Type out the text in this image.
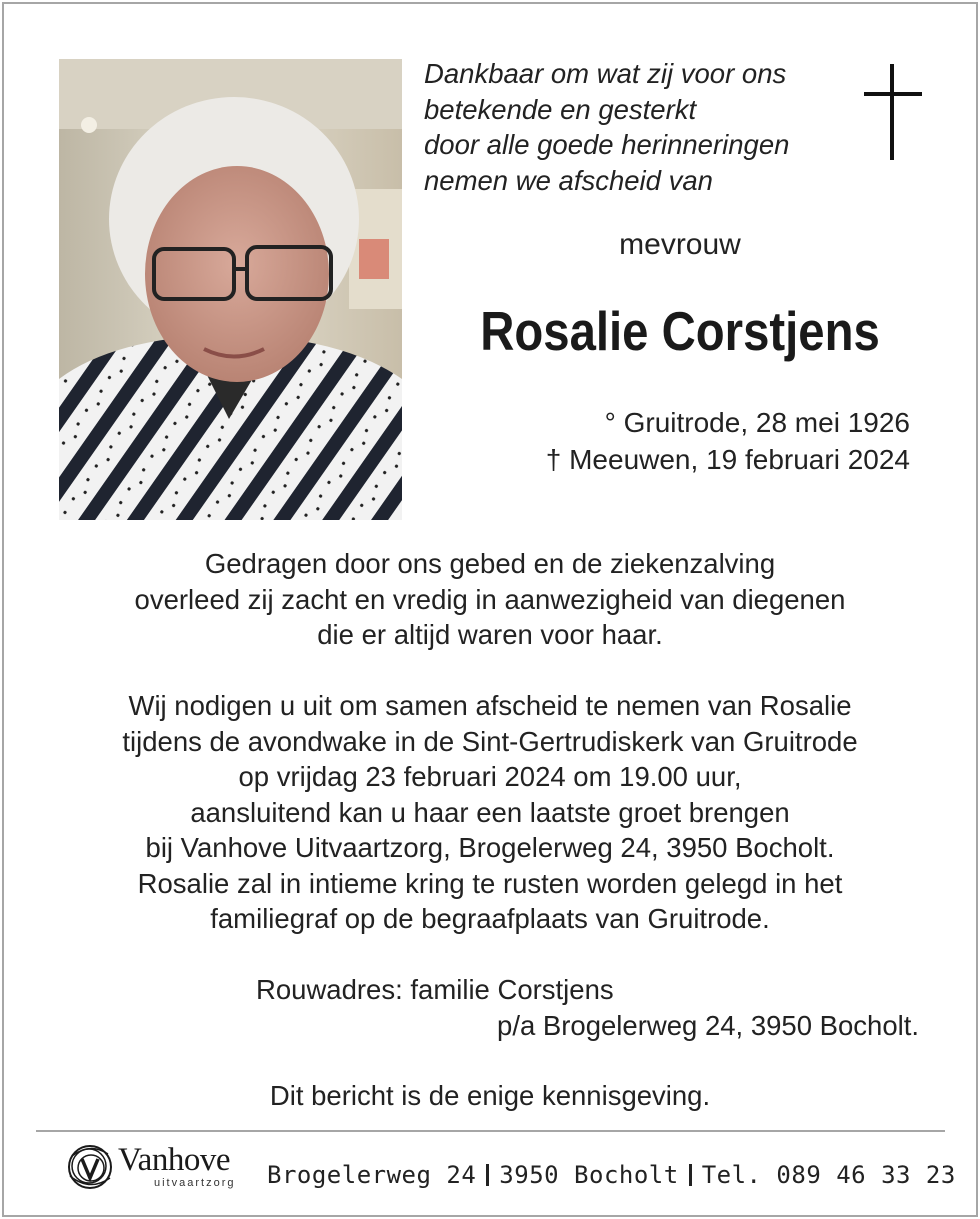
Dankbaar om wat zij voor ons
betekende en gesterkt
door alle goede herinneringen
nemen we afscheid van

mevrouw

Rosalie Corstjens

° Gruitrode, 28 mei 1926
† Meeuwen, 19 februari 2024

Gedragen door ons gebed en de ziekenzalving
overleed zij zacht en vredig in aanwezigheid van diegenen
die er altijd waren voor haar.

Wij nodigen u uit om samen afscheid te nemen van Rosalie
tijdens de avondwake in de Sint-Gertrudiskerk van Gruitrode
op vrijdag 23 februari 2024 om 19.00 uur,
aansluitend kan u haar een laatste groet brengen
bij Vanhove Uitvaartzorg, Brogelerweg 24, 3950 Bocholt.
Rosalie zal in intieme kring te rusten worden gelegd in het
familiegraf op de begraafplaats van Gruitrode.

Rouwadres: familie Corstjens
p/a Brogelerweg 24, 3950 Bocholt.

Dit bericht is de enige kennisgeving.

Vanhove
uitvaartzorg Brogelerweg 24 3950 Bocholt Tel. 089 46 33 23
